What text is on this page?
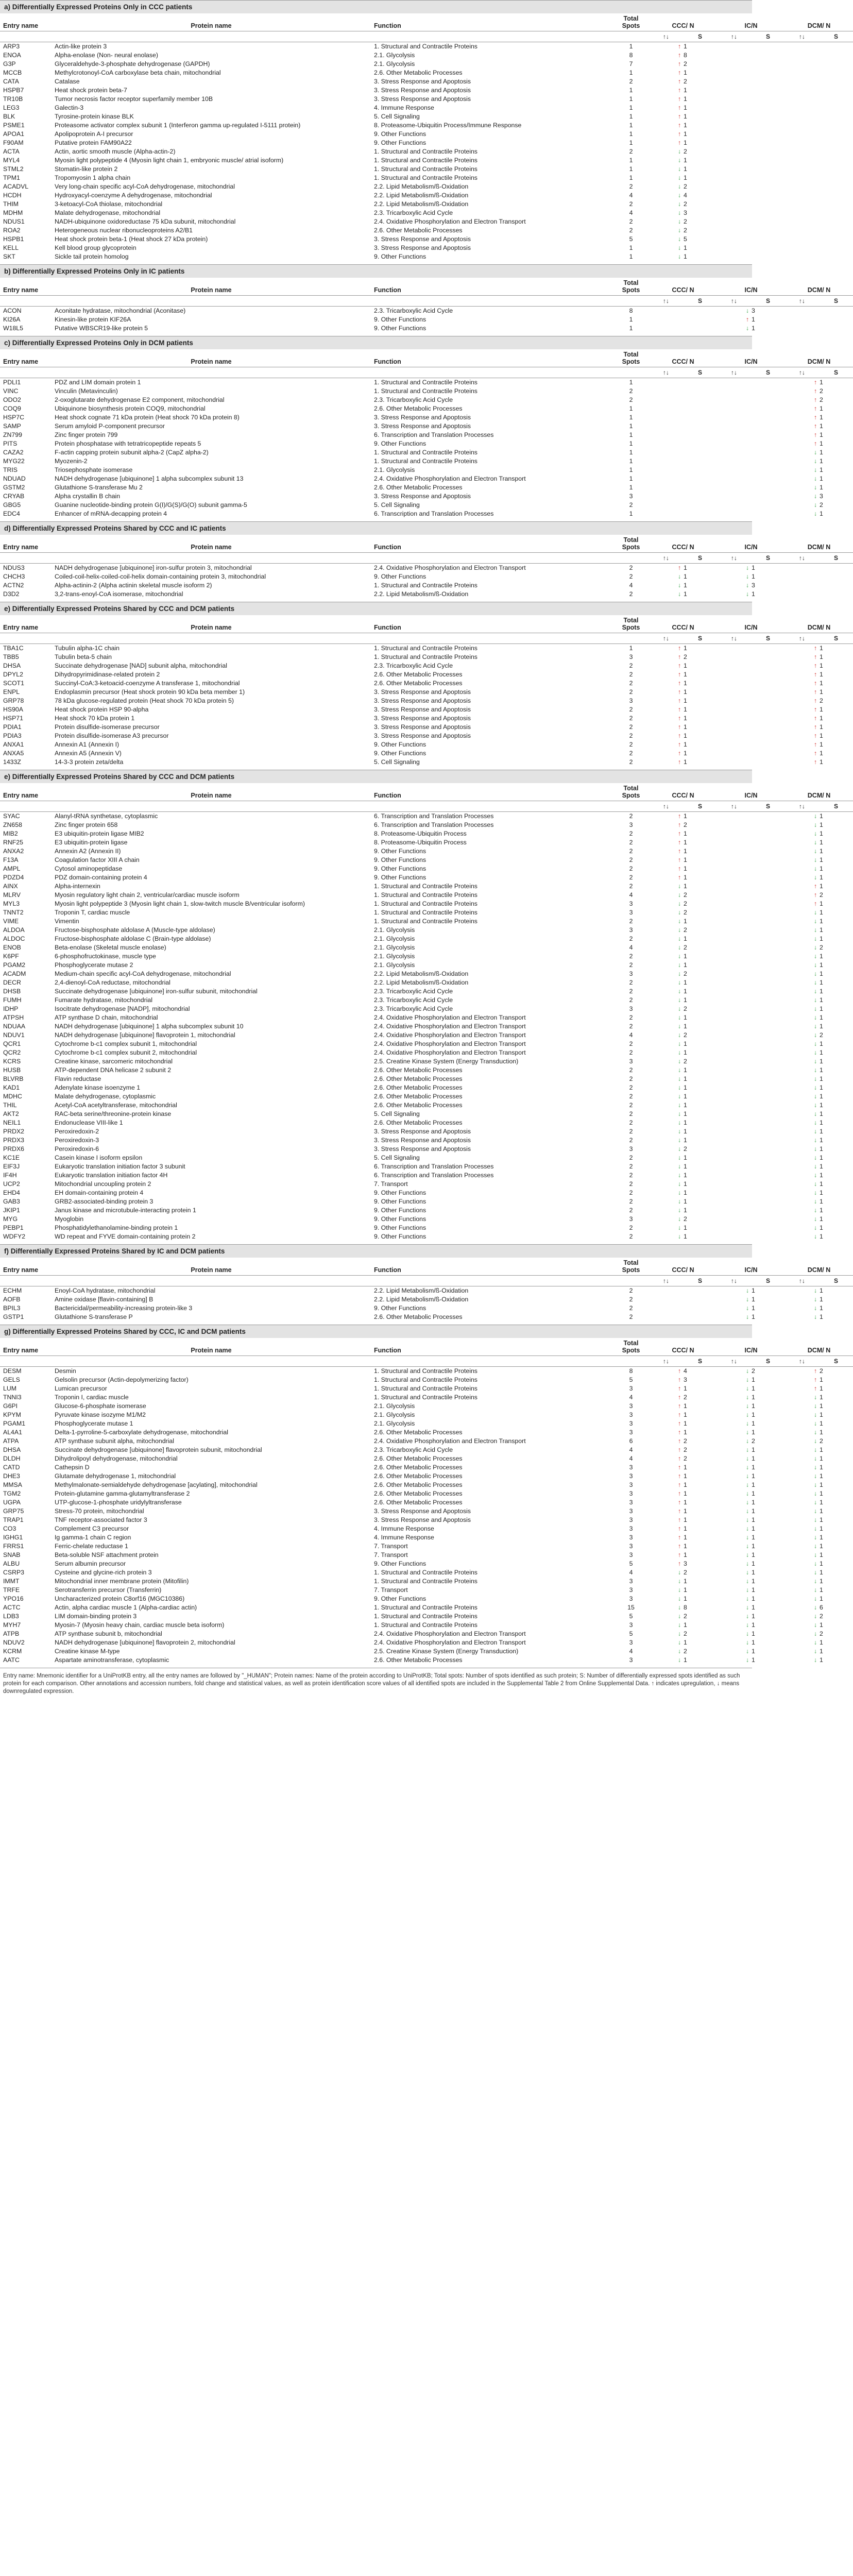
a) Differentially Expressed Proteins Only in CCC patients
Entry name	Protein name	Function	Total Spots	CCC/ N		IC/N		DCM/ N	
				↑↓	S	↑↓	S	↑↓	S
ARP3	Actin-like protein 3	1. Structural and Contractile Proteins	1	↑ 1					
ENOA	Alpha-enolase (Non- neural enolase)	2.1. Glycolysis	8	↑ 8					
G3P	Glyceraldehyde-3-phosphate dehydrogenase (GAPDH)	2.1. Glycolysis	7	↑ 2					
MCCB	Methylcrotonoyl-CoA carboxylase beta chain, mitochondrial	2.6. Other Metabolic Processes	1	↑ 1					
CATA	Catalase	3. Stress Response and Apoptosis	2	↑ 2					
HSPB7	Heat shock protein beta-7	3. Stress Response and Apoptosis	1	↑ 1					
TR10B	Tumor necrosis factor receptor superfamily member 10B	3. Stress Response and Apoptosis	1	↑ 1					
LEG3	Galectin-3	4. Immune Response	1	↑ 1					
BLK	Tyrosine-protein kinase BLK	5. Cell Signaling	1	↑ 1					
PSME1	Proteasome activator complex subunit 1 (Interferon gamma up-regulated I-5111 protein)	8. Proteasome-Ubiquitin Process/Immune Response	1	↑ 1					
APOA1	Apolipoprotein A-I precursor	9. Other Functions	1	↑ 1					
F90AM	Putative protein FAM90A22	9. Other Functions	1	↑ 1					
ACTA	Actin, aortic smooth muscle (Alpha-actin-2)	1. Structural and Contractile Proteins	2	↓ 2					
MYL4	Myosin light polypeptide 4 (Myosin light chain 1, embryonic muscle/ atrial isoform)	1. Structural and Contractile Proteins	1	↓ 1					
STML2	Stomatin-like protein 2	1. Structural and Contractile Proteins	1	↓ 1					
TPM1	Tropomyosin 1 alpha chain	1. Structural and Contractile Proteins	1	↓ 1					
ACADVL	Very long-chain specific acyl-CoA dehydrogenase, mitochondrial	2.2. Lipid Metabolism/ß-Oxidation	2	↓ 2					
HCDH	Hydroxyacyl-coenzyme A dehydrogenase, mitochondrial	2.2. Lipid Metabolism/ß-Oxidation	4	↓ 4					
THIM	3-ketoacyl-CoA thiolase, mitochondrial	2.2. Lipid Metabolism/ß-Oxidation	2	↓ 2					
MDHM	Malate dehydrogenase, mitochondrial	2.3. Tricarboxylic Acid Cycle	4	↓ 3					
NDUS1	NADH-ubiquinone oxidoreductase 75 kDa subunit, mitochondrial	2.4. Oxidative Phosphorylation and Electron Transport	2	↓ 2					
ROA2	Heterogeneous nuclear ribonucleoproteins A2/B1	2.6. Other Metabolic Processes	2	↓ 2					
HSPB1	Heat shock protein beta-1 (Heat shock 27 kDa protein)	3. Stress Response and Apoptosis	5	↓ 5					
KELL	Kell blood group glycoprotein	3. Stress Response and Apoptosis	1	↓ 1					
SKT	Sickle tail protein homolog	9. Other Functions	1	↓ 1					
b) Differentially Expressed Proteins Only in IC patients
Entry name	Protein name	Function	Total Spots	CCC/ N		IC/N		DCM/ N	
				↑↓	S	↑↓	S	↑↓	S
ACON	Aconitate hydratase, mitochondrial (Aconitase)	2.3. Tricarboxylic Acid Cycle	8			↓ 3			
KI26A	Kinesin-like protein KIF26A	9. Other Functions	1			↑ 1			
W18L5	Putative WBSCR19-like protein 5	9. Other Functions	1			↓ 1			
c) Differentially Expressed Proteins Only in DCM patients
Entry name	Protein name	Function	Total Spots	CCC/ N		IC/N		DCM/ N	
				↑↓	S	↑↓	S	↑↓	S
PDLI1	PDZ and LIM domain protein 1	1. Structural and Contractile Proteins	1					↑ 1	
VINC	Vinculin (Metavinculin)	1. Structural and Contractile Proteins	2					↑ 2	
ODO2	2-oxoglutarate dehydrogenase E2 component, mitochondrial	2.3. Tricarboxylic Acid Cycle	2					↑ 2	
COQ9	Ubiquinone biosynthesis protein COQ9, mitochondrial	2.6. Other Metabolic Processes	1					↑ 1	
HSP7C	Heat shock cognate 71 kDa protein (Heat shock 70 kDa protein 8)	3. Stress Response and Apoptosis	1					↑ 1	
SAMP	Serum amyloid P-component precursor	3. Stress Response and Apoptosis	1					↑ 1	
ZN799	Zinc finger protein 799	6. Transcription and Translation Processes	1					↑ 1	
PITS	Protein phosphatase with tetratricopeptide repeats 5	9. Other Functions	1					↑ 1	
CAZA2	F-actin capping protein subunit alpha-2 (CapZ alpha-2)	1. Structural and Contractile Proteins	1					↓ 1	
MYG22	Myozenin-2	1. Structural and Contractile Proteins	1					↓ 1	
TRIS	Triosephosphate isomerase	2.1. Glycolysis	1					↓ 1	
NDUAD	NADH dehydrogenase [ubiquinone] 1 alpha subcomplex subunit 13	2.4. Oxidative Phosphorylation and Electron Transport	1					↓ 1	
GSTM2	Glutathione S-transferase Mu 2	2.6. Other Metabolic Processes	1					↓ 1	
CRYAB	Alpha crystallin B chain	3. Stress Response and Apoptosis	3					↓ 3	
GBG5	Guanine nucleotide-binding protein G(I)/G(S)/G(O) subunit gamma-5	5. Cell Signaling	2					↓ 2	
EDC4	Enhancer of mRNA-decapping protein 4	6. Transcription and Translation Processes	1					↓ 1	
d) Differentially Expressed Proteins Shared by CCC and IC patients
Entry name	Protein name	Function	Total Spots	CCC/ N		IC/N		DCM/ N	
				↑↓	S	↑↓	S	↑↓	S
NDUS3	NADH dehydrogenase [ubiquinone] iron-sulfur protein 3, mitochondrial	2.4. Oxidative Phosphorylation and Electron Transport	2	↑ 1		↓ 1			
CHCH3	Coiled-coil-helix-coiled-coil-helix domain-containing protein 3, mitochondrial	9. Other Functions	2	↓ 1		↓ 1			
ACTN2	Alpha-actinin-2 (Alpha actinin skeletal muscle isoform 2)	1. Structural and Contractile Proteins	4	↓ 1		↓ 3			
D3D2	3,2-trans-enoyl-CoA isomerase, mitochondrial	2.2. Lipid Metabolism/ß-Oxidation	2	↓ 1		↓ 1			
e) Differentially Expressed Proteins Shared by CCC and DCM patients
Entry name	Protein name	Function	Total Spots	CCC/ N		IC/N		DCM/ N	
				↑↓	S	↑↓	S	↑↓	S
TBA1C	Tubulin alpha-1C chain	1. Structural and Contractile Proteins	1	↑ 1				↑ 1	
TBB5	Tubulin beta-5 chain	1. Structural and Contractile Proteins	3	↑ 2				↑ 1	
DHSA	Succinate dehydrogenase [NAD] subunit alpha, mitochondrial	2.3. Tricarboxylic Acid Cycle	2	↑ 1				↑ 1	
DPYL2	Dihydropyrimidinase-related protein 2	2.6. Other Metabolic Processes	2	↑ 1				↑ 1	
SCOT1	Succinyl-CoA:3-ketoacid-coenzyme A transferase 1, mitochondrial	2.6. Other Metabolic Processes	2	↑ 1				↑ 1	
ENPL	Endoplasmin precursor (Heat shock protein 90 kDa beta member 1)	3. Stress Response and Apoptosis	2	↑ 1				↑ 1	
GRP78	78 kDa glucose-regulated protein (Heat shock 70 kDa protein 5)	3. Stress Response and Apoptosis	3	↑ 1				↑ 2	
HS90A	Heat shock protein HSP 90-alpha	3. Stress Response and Apoptosis	2	↑ 1				↑ 1	
HSP71	Heat shock 70 kDa protein 1	3. Stress Response and Apoptosis	2	↑ 1				↑ 1	
PDIA1	Protein disulfide-isomerase precursor	3. Stress Response and Apoptosis	2	↑ 1				↑ 1	
PDIA3	Protein disulfide-isomerase A3 precursor	3. Stress Response and Apoptosis	2	↑ 1				↑ 1	
ANXA1	Annexin A1 (Annexin I)	9. Other Functions	2	↑ 1				↑ 1	
ANXA5	Annexin A5 (Annexin V)	9. Other Functions	2	↑ 1				↑ 1	
1433Z	14-3-3 protein zeta/delta	5. Cell Signaling	2	↑ 1				↑ 1	
e) Differentially Expressed Proteins Shared by CCC and DCM patients
Entry name	Protein name	Function	Total Spots	CCC/ N		IC/N		DCM/ N	
				↑↓	S	↑↓	S	↑↓	S
SYAC	Alanyl-tRNA synthetase, cytoplasmic	6. Transcription and Translation Processes	2	↑ 1				↓ 1	
ZN658	Zinc finger protein 658	6. Transcription and Translation Processes	3	↑ 2				↓ 1	
MIB2	E3 ubiquitin-protein ligase MIB2	8. Proteasome-Ubiquitin Process	2	↑ 1				↓ 1	
RNF25	E3 ubiquitin-protein ligase	8. Proteasome-Ubiquitin Process	2	↑ 1				↓ 1	
ANXA2	Annexin A2 (Annexin II)	9. Other Functions	2	↑ 1				↓ 1	
F13A	Coagulation factor XIII A chain	9. Other Functions	2	↑ 1				↓ 1	
AMPL	Cytosol aminopeptidase	9. Other Functions	2	↑ 1				↓ 1	
PDZD4	PDZ domain-containing protein 4	9. Other Functions	2	↑ 1				↓ 1	
AINX	Alpha-internexin	1. Structural and Contractile Proteins	2	↓ 1				↑ 1	
MLRV	Myosin regulatory light chain 2, ventricular/cardiac muscle isoform	1. Structural and Contractile Proteins	4	↓ 2				↑ 2	
MYL3	Myosin light polypeptide 3 (Myosin light chain 1, slow-twitch muscle B/ventricular isoform)	1. Structural and Contractile Proteins	3	↓ 2				↑ 1	
TNNT2	Troponin T, cardiac muscle	1. Structural and Contractile Proteins	3	↓ 2				↓ 1	
VIME	Vimentin	1. Structural and Contractile Proteins	2	↓ 1				↓ 1	
ALDOA	Fructose-bisphosphate aldolase A (Muscle-type aldolase)	2.1. Glycolysis	3	↓ 2				↓ 1	
ALDOC	Fructose-bisphosphate aldolase C (Brain-type aldolase)	2.1. Glycolysis	2	↓ 1				↓ 1	
ENOB	Beta-enolase (Skeletal muscle enolase)	2.1. Glycolysis	4	↓ 2				↓ 2	
K6PF	6-phosphofructokinase, muscle type	2.1. Glycolysis	2	↓ 1				↓ 1	
PGAM2	Phosphoglycerate mutase 2	2.1. Glycolysis	2	↓ 1				↓ 1	
ACADM	Medium-chain specific acyl-CoA dehydrogenase, mitochondrial	2.2. Lipid Metabolism/ß-Oxidation	3	↓ 2				↓ 1	
DECR	2,4-dienoyl-CoA reductase, mitochondrial	2.2. Lipid Metabolism/ß-Oxidation	2	↓ 1				↓ 1	
DHSB	Succinate dehydrogenase [ubiquinone] iron-sulfur subunit, mitochondrial	2.3. Tricarboxylic Acid Cycle	2	↓ 1				↓ 1	
FUMH	Fumarate hydratase, mitochondrial	2.3. Tricarboxylic Acid Cycle	2	↓ 1				↓ 1	
IDHP	Isocitrate dehydrogenase [NADP], mitochondrial	2.3. Tricarboxylic Acid Cycle	3	↓ 2				↓ 1	
ATPSH	ATP synthase D chain, mitochondrial	2.4. Oxidative Phosphorylation and Electron Transport	2	↓ 1				↓ 1	
NDUAA	NADH dehydrogenase [ubiquinone] 1 alpha subcomplex subunit 10	2.4. Oxidative Phosphorylation and Electron Transport	2	↓ 1				↓ 1	
NDUV1	NADH dehydrogenase [ubiquinone] flavoprotein 1, mitochondrial	2.4. Oxidative Phosphorylation and Electron Transport	4	↓ 2				↓ 2	
QCR1	Cytochrome b-c1 complex subunit 1, mitochondrial	2.4. Oxidative Phosphorylation and Electron Transport	2	↓ 1				↓ 1	
QCR2	Cytochrome b-c1 complex subunit 2, mitochondrial	2.4. Oxidative Phosphorylation and Electron Transport	2	↓ 1				↓ 1	
KCRS	Creatine kinase, sarcomeric mitochondrial	2.5. Creatine Kinase System (Energy Transduction)	3	↓ 2				↓ 1	
HUSB	ATP-dependent DNA helicase 2 subunit 2	2.6. Other Metabolic Processes	2	↓ 1				↓ 1	
BLVRB	Flavin reductase	2.6. Other Metabolic Processes	2	↓ 1				↓ 1	
KAD1	Adenylate kinase isoenzyme 1	2.6. Other Metabolic Processes	2	↓ 1				↓ 1	
MDHC	Malate dehydrogenase, cytoplasmic	2.6. Other Metabolic Processes	2	↓ 1				↓ 1	
THIL	Acetyl-CoA acetyltransferase, mitochondrial	2.6. Other Metabolic Processes	2	↓ 1				↓ 1	
AKT2	RAC-beta serine/threonine-protein kinase	5. Cell Signaling	2	↓ 1				↓ 1	
NEIL1	Endonuclease VIII-like 1	2.6. Other Metabolic Processes	2	↓ 1				↓ 1	
PRDX2	Peroxiredoxin-2	3. Stress Response and Apoptosis	2	↓ 1				↓ 1	
PRDX3	Peroxiredoxin-3	3. Stress Response and Apoptosis	2	↓ 1				↓ 1	
PRDX6	Peroxiredoxin-6	3. Stress Response and Apoptosis	3	↓ 2				↓ 1	
KC1E	Casein kinase I isoform epsilon	5. Cell Signaling	2	↓ 1				↓ 1	
EIF3J	Eukaryotic translation initiation factor 3 subunit	6. Transcription and Translation Processes	2	↓ 1				↓ 1	
IF4H	Eukaryotic translation initiation factor 4H	6. Transcription and Translation Processes	2	↓ 1				↓ 1	
UCP2	Mitochondrial uncoupling protein 2	7. Transport	2	↓ 1				↓ 1	
EHD4	EH domain-containing protein 4	9. Other Functions	2	↓ 1				↓ 1	
GAB3	GRB2-associated-binding protein 3	9. Other Functions	2	↓ 1				↓ 1	
JKIP1	Janus kinase and microtubule-interacting protein 1	9. Other Functions	2	↓ 1				↓ 1	
MYG	Myoglobin	9. Other Functions	3	↓ 2				↓ 1	
PEBP1	Phosphatidylethanolamine-binding protein 1	9. Other Functions	2	↓ 1				↓ 1	
WDFY2	WD repeat and FYVE domain-containing protein 2	9. Other Functions	2	↓ 1				↓ 1	
f) Differentially Expressed Proteins Shared by IC and DCM patients
Entry name	Protein name	Function	Total Spots	CCC/ N		IC/N		DCM/ N	
				↑↓	S	↑↓	S	↑↓	S
ECHM	Enoyl-CoA hydratase, mitochondrial	2.2. Lipid Metabolism/ß-Oxidation	2			↓ 1		↓ 1	
AOFB	Amine oxidase [flavin-containing] B	2.2. Lipid Metabolism/ß-Oxidation	2			↓ 1		↓ 1	
BPIL3	Bactericidal/permeability-increasing protein-like 3	9. Other Functions	2			↓ 1		↓ 1	
GSTP1	Glutathione S-transferase P	2.6. Other Metabolic Processes	2			↓ 1		↓ 1	
g) Differentially Expressed Proteins Shared by CCC, IC and DCM patients
Entry name	Protein name	Function	Total Spots	CCC/ N		IC/N		DCM/ N	
				↑↓	S	↑↓	S	↑↓	S
DESM	Desmin	1. Structural and Contractile Proteins	8	↑ 4		↓ 2		↑ 2	
GELS	Gelsolin precursor (Actin-depolymerizing factor)	1. Structural and Contractile Proteins	5	↑ 3		↓ 1		↑ 1	
LUM	Lumican precursor	1. Structural and Contractile Proteins	3	↑ 1		↓ 1		↑ 1	
TNNI3	Troponin I, cardiac muscle	1. Structural and Contractile Proteins	4	↑ 2		↓ 1		↓ 1	
G6PI	Glucose-6-phosphate isomerase	2.1. Glycolysis	3	↑ 1		↓ 1		↓ 1	
KPYM	Pyruvate kinase isozyme M1/M2	2.1. Glycolysis	3	↑ 1		↓ 1		↓ 1	
PGAM1	Phosphoglycerate mutase 1	2.1. Glycolysis	3	↑ 1		↓ 1		↓ 1	
AL4A1	Delta-1-pyrroline-5-carboxylate dehydrogenase, mitochondrial	2.6. Other Metabolic Processes	3	↑ 1		↓ 1		↓ 1	
ATPA	ATP synthase subunit alpha, mitochondrial	2.4. Oxidative Phosphorylation and Electron Transport	6	↑ 2		↓ 2		↓ 2	
DHSA	Succinate dehydrogenase [ubiquinone] flavoprotein subunit, mitochondrial	2.3. Tricarboxylic Acid Cycle	4	↑ 2		↓ 1		↓ 1	
DLDH	Dihydrolipoyl dehydrogenase, mitochondrial	2.6. Other Metabolic Processes	4	↑ 2		↓ 1		↓ 1	
CATD	Cathepsin D	2.6. Other Metabolic Processes	3	↑ 1		↓ 1		↓ 1	
DHE3	Glutamate dehydrogenase 1, mitochondrial	2.6. Other Metabolic Processes	3	↑ 1		↓ 1		↓ 1	
MMSA	Methylmalonate-semialdehyde dehydrogenase [acylating], mitochondrial	2.6. Other Metabolic Processes	3	↑ 1		↓ 1		↓ 1	
TGM2	Protein-glutamine gamma-glutamyltransferase 2	2.6. Other Metabolic Processes	3	↑ 1		↓ 1		↓ 1	
UGPA	UTP-glucose-1-phosphate uridylyltransferase	2.6. Other Metabolic Processes	3	↑ 1		↓ 1		↓ 1	
GRP75	Stress-70 protein, mitochondrial	3. Stress Response and Apoptosis	3	↑ 1		↓ 1		↓ 1	
TRAP1	TNF receptor-associated factor 3	3. Stress Response and Apoptosis	3	↑ 1		↓ 1		↓ 1	
CO3	Complement C3 precursor	4. Immune Response	3	↑ 1		↓ 1		↓ 1	
IGHG1	Ig gamma-1 chain C region	4. Immune Response	3	↑ 1		↓ 1		↓ 1	
FRRS1	Ferric-chelate reductase 1	7. Transport	3	↑ 1		↓ 1		↓ 1	
SNAB	Beta-soluble NSF attachment protein	7. Transport	3	↑ 1		↓ 1		↓ 1	
ALBU	Serum albumin precursor	9. Other Functions	5	↑ 3		↓ 1		↓ 1	
CSRP3	Cysteine and glycine-rich protein 3	1. Structural and Contractile Proteins	4	↓ 2		↓ 1		↓ 1	
IMMT	Mitochondrial inner membrane protein (Mitofilin)	1. Structural and Contractile Proteins	3	↓ 1		↓ 1		↓ 1	
TRFE	Serotransferrin precursor (Transferrin)	7. Transport	3	↓ 1		↓ 1		↓ 1	
YPO16	Uncharacterized protein C8orf16 (MGC10386)	9. Other Functions	3	↓ 1		↓ 1		↓ 1	
ACTC	Actin, alpha cardiac muscle 1 (Alpha-cardiac actin)	1. Structural and Contractile Proteins	15	↓ 8		↓ 1		↓ 6	
LDB3	LIM domain-binding protein 3	1. Structural and Contractile Proteins	5	↓ 2		↓ 1		↓ 2	
MYH7	Myosin-7 (Myosin heavy chain, cardiac muscle beta isoform)	1. Structural and Contractile Proteins	3	↓ 1		↓ 1		↓ 1	
ATPB	ATP synthase subunit b, mitochondrial	2.4. Oxidative Phosphorylation and Electron Transport	5	↓ 2		↓ 1		↓ 2	
NDUV2	NADH dehydrogenase [ubiquinone] flavoprotein 2, mitochondrial	2.4. Oxidative Phosphorylation and Electron Transport	3	↓ 1		↓ 1		↓ 1	
KCRM	Creatine kinase M-type	2.5. Creatine Kinase System (Energy Transduction)	4	↓ 2		↓ 1		↓ 1	
AATC	Aspartate aminotransferase, cytoplasmic	2.6. Other Metabolic Processes	3	↓ 1		↓ 1		↓ 1	
Entry name: Mnemonic identifier for a UniProtKB entry, all the entry names are followed by "_HUMAN"; Protein names: Name of the protein according to UniProtKB; Total spots: Number of spots identified as such protein; S: Number of differentially expressed spots identified as such protein for each comparison. Other annotations and accession numbers, fold change and statistical values, as well as protein identification score values of all identified spots are included in the Supplemental Table 2 from Online Supplemental Data. ↑ indicates upregulation, ↓ means downregulated expression.
